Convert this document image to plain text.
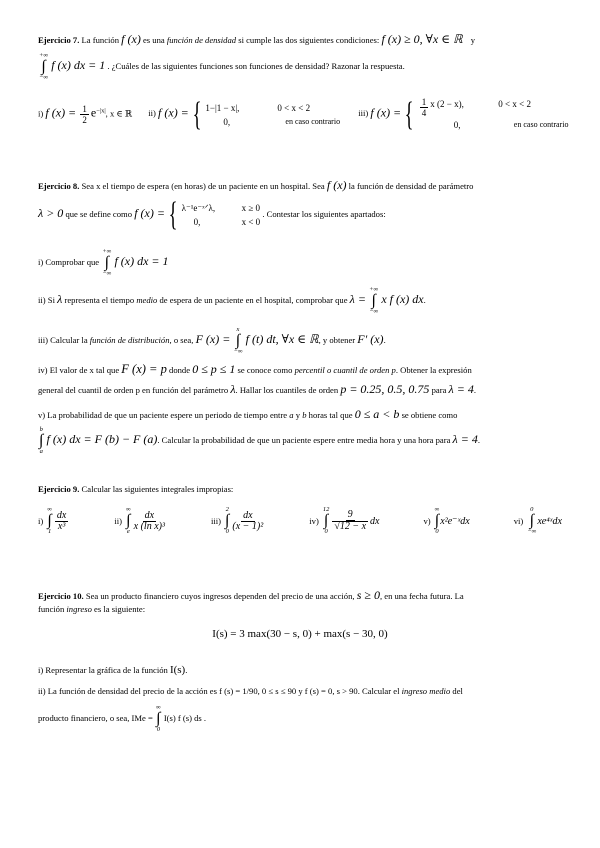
Ejercicio 7. La función f (x) es una función de densidad si cumple las dos siguientes condiciones: f (x) ≥ 0, ∀x ∈ ℝ y
+∞
∫
−∞
f (x) dx = 1 . ¿Cuáles de las siguientes funciones son funciones de densidad? Razonar la respuesta.
i) f $(x) = \frac{1}{2} e^{-|x|}$, x ∈ ℝ ii) f (x) = { 1−|1 − x|,	0 < x < 2
0,	en caso contrario
iii) f (x) = { $\frac{1}{4}$ x (2 − x),	0 < x < 2
0,	en caso contrario
Ejercicio 8. Sea x el tiempo de espera (en horas) de un paciente en un hospital. Sea f (x) la función de densidad de parámetro
λ > 0 que se define como f (x) = { λ⁻¹e⁻ˣᐟλ,	x ≥ 0
0,	x < 0
. Contestar los siguientes apartados:
i) Comprobar que
+∞
∫
−∞
f (x) dx = 1
ii) Si λ representa el tiempo medio de espera de un paciente en el hospital, comprobar que λ =
+∞
∫
−∞
x f (x) dx.
iii) Calcular la función de distribución, o sea, F (x) =
x
∫
−∞
f (t) dt, ∀x ∈ ℝ, y obtener F′ (x).
iv) El valor de x tal que F (x) = p donde 0 ≤ p ≤ 1 se conoce como percentil o cuantil de orden p. Obtener la expresión
general del cuantil de orden p en función del parámetro λ. Hallar los cuantiles de orden p = 0.25, 0.5, 0.75 para λ = 4.
v) La probabilidad de que un paciente espere un periodo de tiempo entre a y b horas tal que 0 ≤ a < b se obtiene como
b
∫
a
f (x) dx = F (b) − F (a). Calcular la probabilidad de que un paciente espere entre media hora y una hora para λ = 4.
Ejercicio 9. Calcular las siguientes integrales impropias:
i)
∞
∫
$1 \frac{dx}{\text{x³}}$	ii)
∞
∫
e $\frac{dx}{\text{x (ln x)³}}$	iii)
2
∫
$0 \frac{dx}{\text{(x − 1)²}}$	iv)
12
∫
$0 \frac{9}{√12 - x}$ dx	v)
∞
∫
0
x²e⁻ˣdx	vi)
0
∫
−∞
xe⁴ˣdx
Ejercicio 10. Sea un producto financiero cuyos ingresos dependen del precio de una acción, s ≥ 0, en una fecha futura. La
función ingreso es la siguiente:
I(s) = 3 max(30 − s, 0) + max(s − 30, 0)
i) Representar la gráfica de la función I(s).
ii) La función de densidad del precio de la acción es f (s) = 1/90, 0 ≤ s ≤ 90 y f (s) = 0, s > 90. Calcular el ingreso medio del
producto financiero, o sea, IMe =
∞
∫
0
I(s) f (s) ds .
